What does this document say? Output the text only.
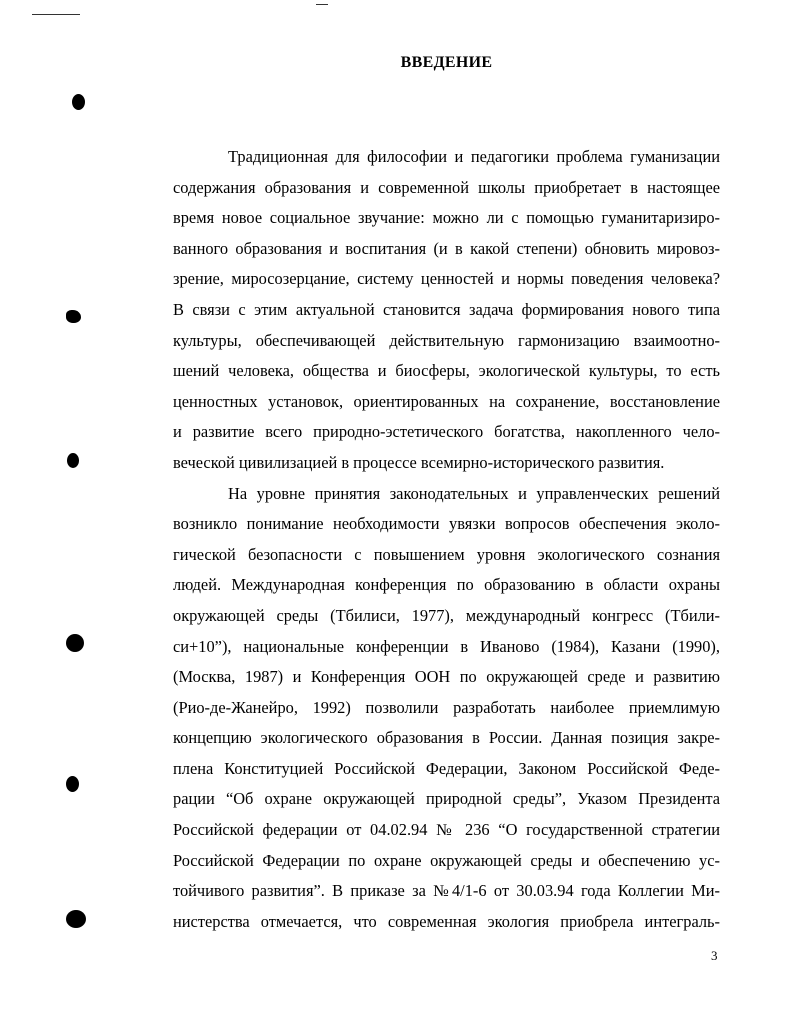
ВВЕДЕНИЕ
Традиционная для философии и педагогики проблема гуманизации
содержания образования и современной школы приобретает в настоящее
время новое социальное звучание: можно ли с помощью гуманитаризиро-
ванного образования и воспитания (и в какой степени) обновить мировоз-
зрение, миросозерцание, систему ценностей и нормы поведения человека?
В связи с этим актуальной становится задача формирования нового типа
культуры, обеспечивающей действительную гармонизацию взаимоотно-
шений человека, общества и биосферы, экологической культуры, то есть
ценностных установок, ориентированных на сохранение, восстановление
и развитие всего природно-эстетического богатства, накопленного чело-
веческой цивилизацией в процессе всемирно-исторического развития.
На уровне принятия законодательных и управленческих решений
возникло понимание необходимости увязки вопросов обеспечения эколо-
гической безопасности с повышением уровня экологического сознания
людей. Международная конференция по образованию в области охраны
окружающей среды (Тбилиси, 1977), международный конгресс (Тбили-
си+10”), национальные конференции в Иваново (1984), Казани (1990),
(Москва, 1987) и Конференция ООН по окружающей среде и развитию
(Рио-де-Жанейро, 1992) позволили разработать наиболее приемлимую
концепцию экологического образования в России. Данная позиция закре-
плена Конституцией Российской Федерации, Законом Российской Феде-
рации “Об охране окружающей природной среды”, Указом Президента
Российской федерации от 04.02.94 № 236 “О государственной стратегии
Российской Федерации по охране окружающей среды и обеспечению ус-
тойчивого развития”. В приказе за №4/1-6 от 30.03.94 года Коллегии Ми-
нистерства отмечается, что современная экология приобрела интеграль-
3
